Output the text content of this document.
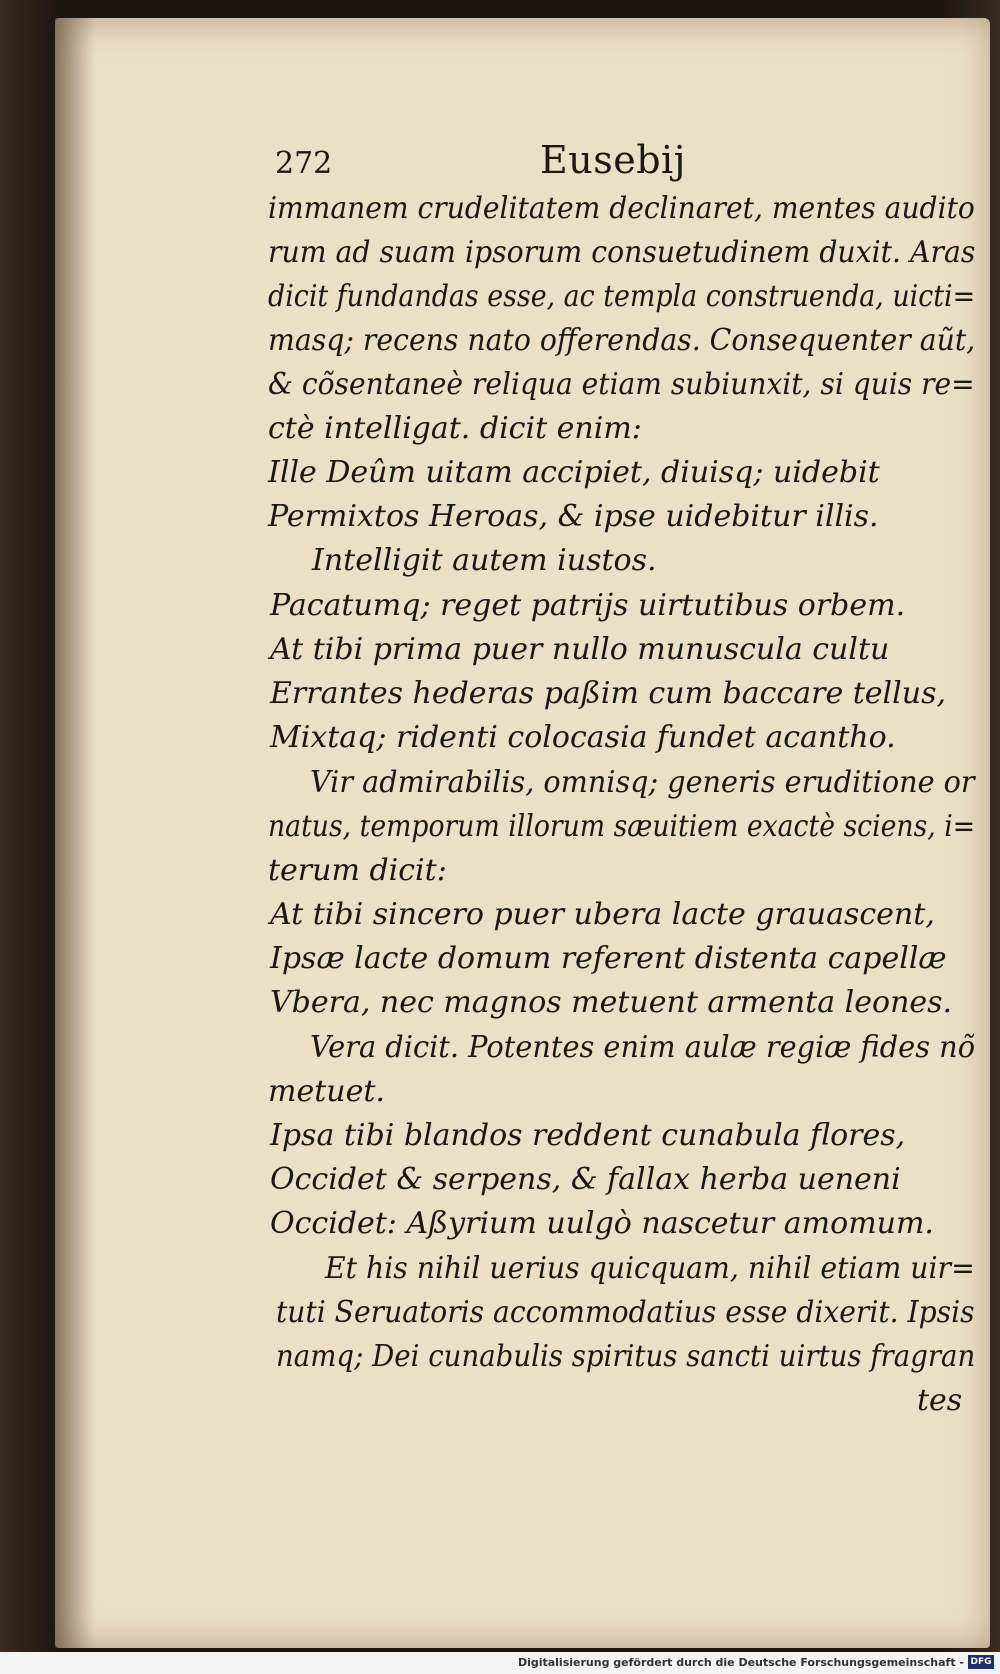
272	Eusebij
immanem crudelitatem declinaret, mentes audito
rum ad suam ipsorum consuetudinem duxit. Aras
dicit fundandas esse, ac templa construenda, uicti=
masq; recens nato offerendas. Consequenter aũt,
& cõsentaneè reliqua etiam subiunxit, si quis re=
ctè intelligat. dicit enim:
Ille Deûm uitam accipiet, diuisq; uidebit
Permixtos Heroas, & ipse uidebitur illis.
Intelligit autem iustos.
Pacatumq; reget patrijs uirtutibus orbem.
At tibi prima puer nullo munuscula cultu
Errantes hederas paßim cum baccare tellus,
Mixtaq; ridenti colocasia fundet acantho.
Vir admirabilis, omnisq; generis eruditione or
natus, temporum illorum sæuitiem exactè sciens, i=
terum dicit:
At tibi sincero puer ubera lacte grauascent,
Ipsæ lacte domum referent distenta capellæ
Vbera, nec magnos metuent armenta leones.
Vera dicit. Potentes enim aulæ regiæ fides nõ
metuet.
Ipsa tibi blandos reddent cunabula flores,
Occidet & serpens, & fallax herba ueneni
Occidet: Aßyrium uulgò nascetur amomum.
Et his nihil uerius quicquam, nihil etiam uir=
tuti Seruatoris accommodatius esse dixerit. Ipsis
namq; Dei cunabulis spiritus sancti uirtus fragran
tes
Digitalisierung gefördert durch die Deutsche Forschungsgemeinschaft - DFG
